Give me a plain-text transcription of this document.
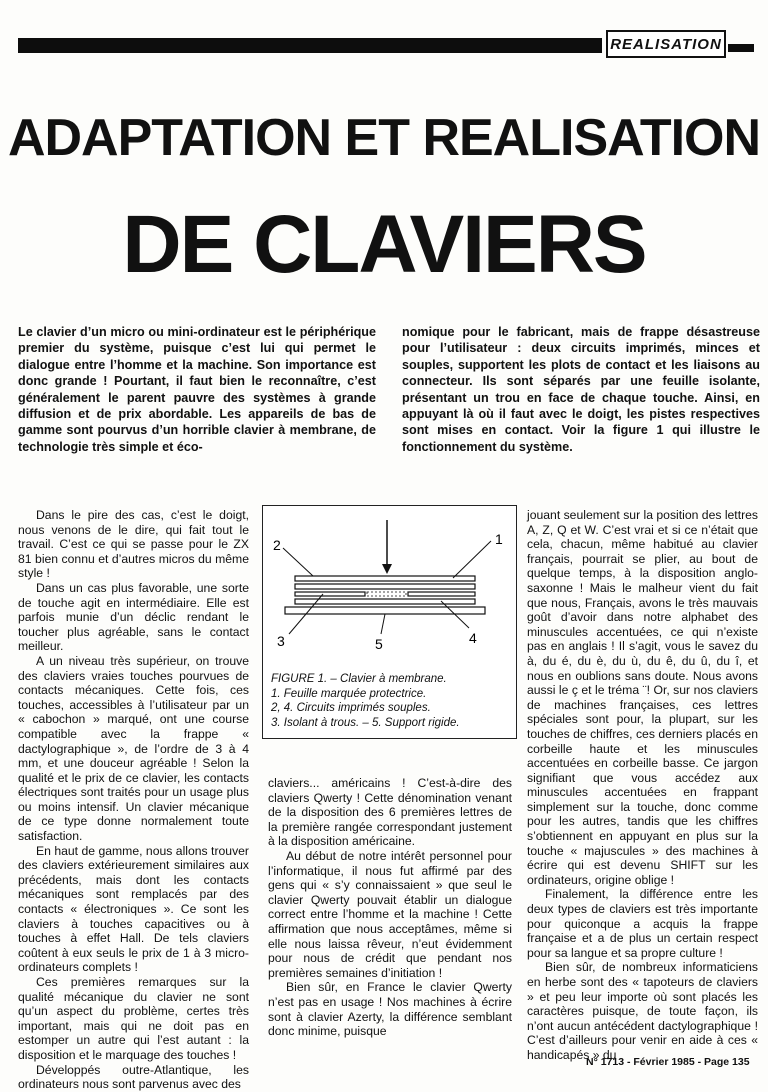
REALISATION
ADAPTATION ET REALISATION
DE CLAVIERS

Le clavier d’un micro ou mini-ordinateur est le périphérique premier du système, puisque c’est lui qui permet le dialogue entre l’homme et la machine. Son importance est donc grande ! Pourtant, il faut bien le reconnaître, c’est généralement le parent pauvre des systèmes à grande diffusion et de prix abordable. Les appareils de bas de gamme sont pourvus d’un horrible clavier à membrane, de technologie très simple et éco-

nomique pour le fabricant, mais de frappe désastreuse pour l’utilisateur : deux circuits imprimés, minces et souples, supportent les plots de contact et les liaisons au connecteur. Ils sont séparés par une feuille isolante, présentant un trou en face de chaque touche. Ainsi, en appuyant là où il faut avec le doigt, les pistes respectives sont mises en contact. Voir la figure 1 qui illustre le fonctionnement du système.

Dans le pire des cas, c’est le doigt, nous venons de le dire, qui fait tout le travail. C’est ce qui se passe pour le ZX 81 bien connu et d’autres micros du même style !

Dans un cas plus favorable, une sorte de touche agit en intermédiaire. Elle est parfois munie d’un déclic rendant le toucher plus agréable, sans le contact meilleur.

A un niveau très supérieur, on trouve des claviers vraies touches pourvues de contacts mécaniques. Cette fois, ces touches, accessibles à l’utilisateur par un « cabochon » marqué, ont une course compatible avec la frappe « dactylographique », de l’ordre de 3 à 4 mm, et une douceur agréable ! Selon la qualité et le prix de ce clavier, les contacts électriques sont traités pour un usage plus ou moins intensif. Un clavier mécanique de ce type donne normalement toute satisfaction.

En haut de gamme, nous allons trouver des claviers extérieurement similaires aux précédents, mais dont les contacts mécaniques sont remplacés par des contacts « électroniques ». Ce sont les claviers à touches capacitives ou à touches à effet Hall. De tels claviers coûtent à eux seuls le prix de 1 à 3 micro-ordinateurs complets !

Ces premières remarques sur la qualité mécanique du clavier ne sont qu’un aspect du problème, certes très important, mais qui ne doit pas en estomper un autre qui l’est autant : la disposition et le marquage des touches !

Développés outre-Atlantique, les ordinateurs nous sont parvenus avec des

2	1
3	4
5
FIGURE 1. – Clavier à membrane.
1. Feuille marquée protectrice.
2, 4. Circuits imprimés souples.
3. Isolant à trous. – 5. Support rigide.

claviers... américains ! C’est-à-dire des claviers Qwerty ! Cette dénomination venant de la disposition des 6 premières lettres de la première rangée correspondant justement à la disposition américaine.

Au début de notre intérêt personnel pour l’informatique, il nous fut affirmé par des gens qui « s’y connaissaient » que seul le clavier Qwerty pouvait établir un dialogue correct entre l’homme et la machine ! Cette affirmation que nous acceptâmes, même si elle nous laissa rêveur, n’eut évidemment pour nous de crédit que pendant nos premières semaines d’initiation !

Bien sûr, en France le clavier Qwerty n’est pas en usage ! Nos machines à écrire sont à clavier Azerty, la différence semblant donc minime, puisque

jouant seulement sur la position des lettres A, Z, Q et W. C’est vrai et si ce n’était que cela, chacun, même habitué au clavier français, pourrait se plier, au bout de quelque temps, à la disposition anglo-saxonne ! Mais le malheur vient du fait que nous, Français, avons le très mauvais goût d’avoir dans notre alphabet des minuscules accentuées, ce qui n’existe pas en anglais ! Il s’agit, vous le savez du à, du é, du è, du ù, du ê, du û, du î, et nous en oublions sans doute. Nous avons aussi le ç et le tréma ¨! Or, sur nos claviers de machines françaises, ces lettres spéciales sont pour, la plupart, sur les touches de chiffres, ces derniers placés en corbeille haute et les minuscules accentuées en corbeille basse. Ce jargon signifiant que vous accédez aux minuscules accentuées en frappant simplement sur la touche, donc comme pour les autres, tandis que les chiffres s’obtiennent en appuyant en plus sur la touche « majuscules » des machines à écrire qui est devenu SHIFT sur les ordinateurs, origine oblige !

Finalement, la différence entre les deux types de claviers est très importante pour quiconque a acquis la frappe française et a de plus un certain respect pour sa langue et sa propre culture !

Bien sûr, de nombreux informaticiens en herbe sont des « tapoteurs de claviers » et peu leur importe où sont placés les caractères puisque, de toute façon, ils n’ont aucun antécédent dactylographique ! C’est d’ailleurs pour venir en aide à ces « handicapés » du

N° 1713 - Février 1985 - Page 135
